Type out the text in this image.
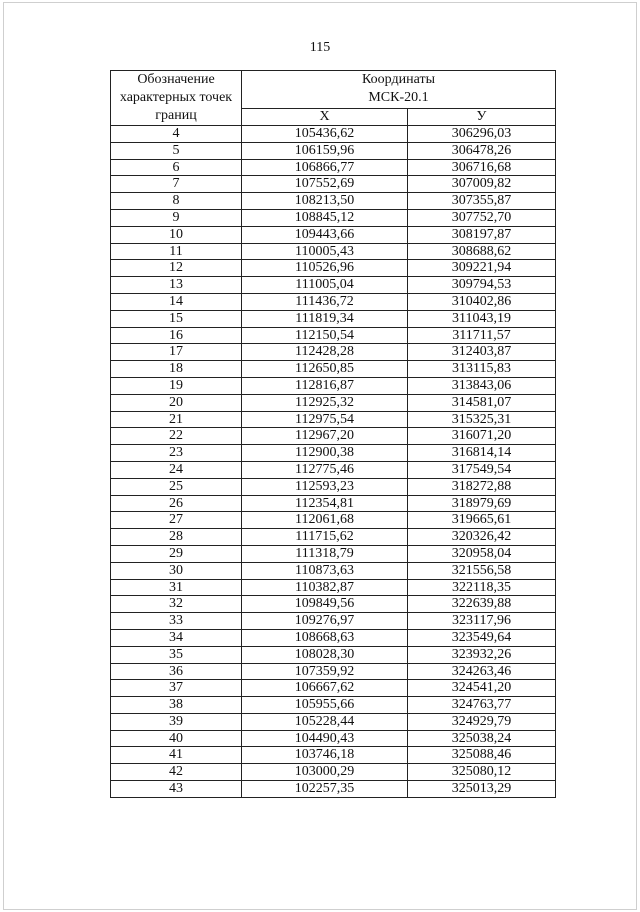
115
Обозначение характерных точек границ	Координаты
МСК-20.1	

	X	У
4	105436,62	306296,03
5	106159,96	306478,26
6	106866,77	306716,68
7	107552,69	307009,82
8	108213,50	307355,87
9	108845,12	307752,70
10	109443,66	308197,87
11	110005,43	308688,62
12	110526,96	309221,94
13	111005,04	309794,53
14	111436,72	310402,86
15	111819,34	311043,19
16	112150,54	311711,57
17	112428,28	312403,87
18	112650,85	313115,83
19	112816,87	313843,06
20	112925,32	314581,07
21	112975,54	315325,31
22	112967,20	316071,20
23	112900,38	316814,14
24	112775,46	317549,54
25	112593,23	318272,88
26	112354,81	318979,69
27	112061,68	319665,61
28	111715,62	320326,42
29	111318,79	320958,04
30	110873,63	321556,58
31	110382,87	322118,35
32	109849,56	322639,88
33	109276,97	323117,96
34	108668,63	323549,64
35	108028,30	323932,26
36	107359,92	324263,46
37	106667,62	324541,20
38	105955,66	324763,77
39	105228,44	324929,79
40	104490,43	325038,24
41	103746,18	325088,46
42	103000,29	325080,12
43	102257,35	325013,29
